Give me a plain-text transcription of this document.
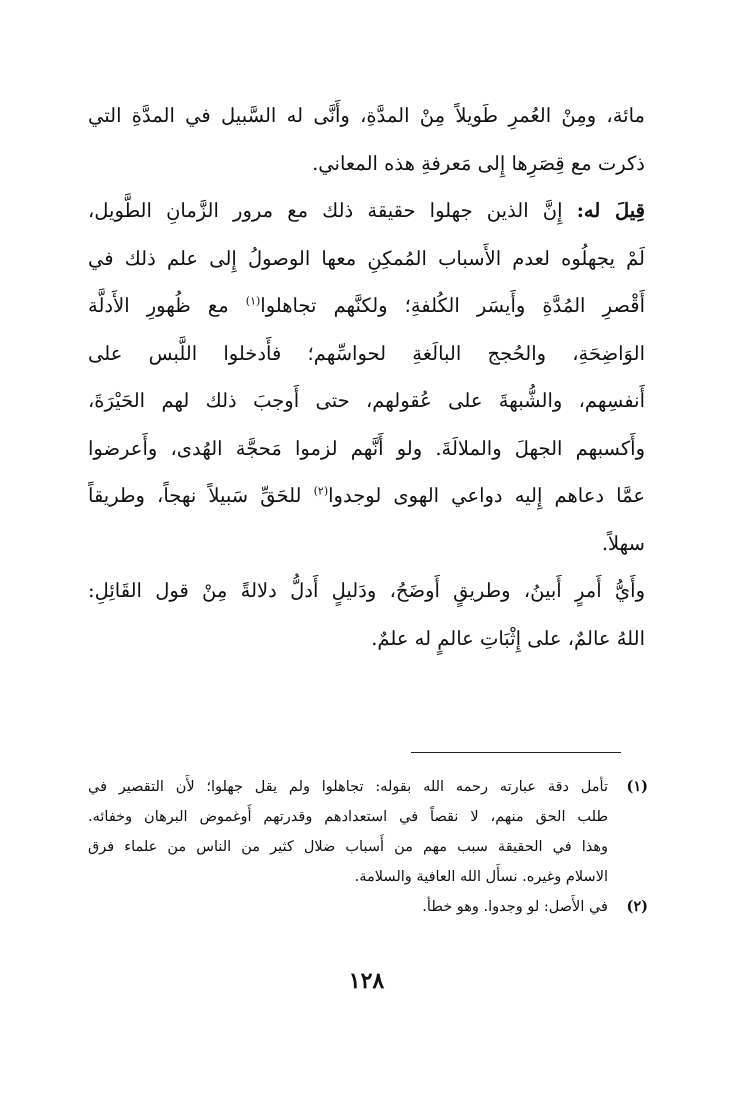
مائة، ومِنْ العُمرِ طَويلاً مِنْ المدَّةِ، وأَنَّى له السَّبيل في المدَّةِ التي
ذكرت مع قِصَرِها إِلى مَعرفةِ هذه المعاني.
قِيلَ له: إِنَّ الذين جهلوا حقيقة ذلك مع مرور الزَّمانِ الطَّويل،
لَمْ يجهلُوه لعدم الأَسباب المُمكِنِ معها الوصولُ إِلى علم ذلك في
أَقْصرِ المُدَّةِ وأَيسَر الكُلفةِ؛ ولكنَّهم تجاهلوا$^{(١)}$ مع ظُهورِ الأَدلَّة
الوَاضِحَةِ، والحُجج البالَغةِ لحواسِّهم؛ فأَدخلوا اللَّبس على
أَنفسِهم، والشُّبهةَ على عُقولهم، حتى أَوجبَ ذلك لهم الحَيْرَةَ،
وأَكسبهم الجهلَ والملالَةَ. ولو أَنَّهم لزموا مَحجَّة الهُدى، وأَعرضوا
عمَّا دعاهم إِليه دواعي الهوى لوجدوا$^{(٢)}$ للحَقِّ سَبيلاً نهجاً، وطريقاً
سهلاً.
وأَيُّ أَمرٍ أَبينُ، وطريقٍ أَوضَحُ، ودَليلٍ أَدلُّ دلالةً مِنْ قول القَائِلِ:
اللهُ عالمٌ، على إِثْبَاتِ عالمٍ له علمٌ.
(١)
تأمل دقة عبارته رحمه الله بقوله: تجاهلوا ولم يقل جهلوا؛ لأَن التقصير في
طلب الحق منهم، لا نقصاً في استعدادهم وقدرتهم أَوغموض البرهان وخفائه.
وهذا في الحقيقة سبب مهم من أَسباب ضلال كثير من الناس من علماء فرق
الاسلام وغيره. نسأَل الله العافية والسلامة.
(٢)
في الأَصل: لو وجدوا. وهو خطأ.
١٢٨
